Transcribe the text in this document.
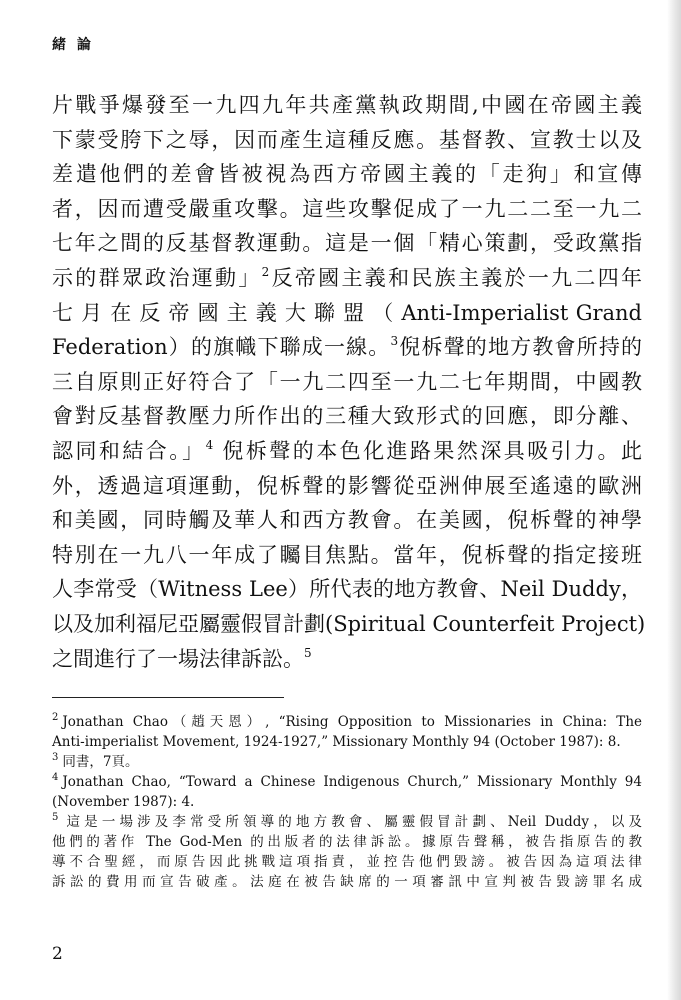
緒 論
片戰爭爆發至一九四九年共產黨執政期間,中國在帝國主義
下蒙受胯下之辱，因而產生這種反應。基督教、宣教士以及
差遣他們的差會皆被視為西方帝國主義的「走狗」和宣傳
者，因而遭受嚴重攻擊。這些攻擊促成了一九二二至一九二
七年之間的反基督教運動。這是一個「精心策劃，受政黨指
示的群眾政治運動」$^2$反帝國主義和民族主義於一九二四年
七 月 在 反 帝 國 主 義 大 聯 盟 （ Anti-Imperialist Grand
Federation）的旗幟下聯成一線。$^3$倪柝聲的地方教會所持的
三自原則正好符合了「一九二四至一九二七年期間，中國教
會對反基督教壓力所作出的三種大致形式的回應，即分離、
認同和結合。」$^4$ 倪柝聲的本色化進路果然深具吸引力。此
外，透過這項運動，倪柝聲的影響從亞洲伸展至遙遠的歐洲
和美國，同時觸及華人和西方教會。在美國，倪柝聲的神學
特別在一九八一年成了矚目焦點。當年，倪柝聲的指定接班
人李常受（Witness Lee）所代表的地方教會、Neil Duddy，
以及加利福尼亞屬靈假冒計劃(Spiritual Counterfeit Project)
之間進行了一場法律訴訟。$^5$
$^2$ Jonathan Chao（趙天恩）, “Rising Opposition to Missionaries in China: The
Anti-imperialist Movement, 1924-1927,” Missionary Monthly 94 (October 1987): 8.
$^3$ 同書，7頁。
$^4$ Jonathan Chao, “Toward a Chinese Indigenous Church,” Missionary Monthly 94
(November 1987): 4.
$^5$ 這是一場涉及李常受所領導的地方教會、屬靈假冒計劃、Neil Duddy，以及
他們的著作 The God-Men 的出版者的法律訴訟。據原告聲稱，被告指原告的教
導不合聖經，而原告因此挑戰這項指責，並控告他們毀謗。被告因為這項法律
訴訟的費用而宣告破產。法庭在被告缺席的一項審訊中宣判被告毀謗罪名成
2
